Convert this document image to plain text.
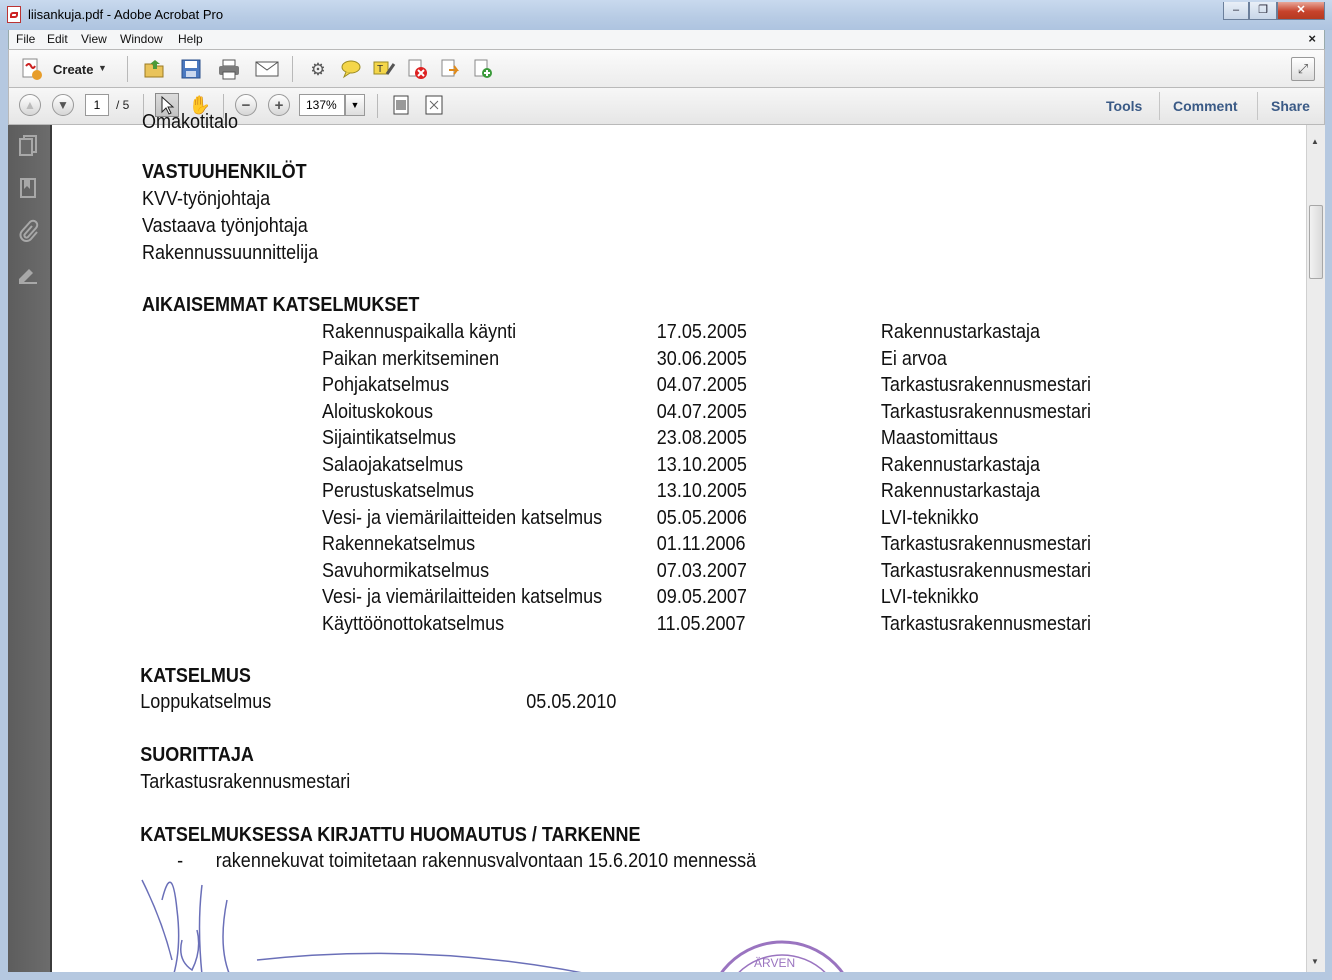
liisankuja.pdf - Adobe Acrobat Pro	–	❐	✕
File Edit View Window Help	×
Create ▼	⚙	T	⤢
▲	▼	1	/ 5	✋	−	+	137%	▼	Tools Comment Share
Omakotitalo
VASTUUHENKILÖT
KVV-työnjohtaja
Vastaava työnjohtaja
Rakennussuunnittelija
AIKAISEMMAT KATSELMUKSET
Rakennuspaikalla käynti	17.05.2005	Rakennustarkastaja
Paikan merkitseminen	30.06.2005	Ei arvoa
Pohjakatselmus	04.07.2005	Tarkastusrakennusmestari
Aloituskokous	04.07.2005	Tarkastusrakennusmestari
Sijaintikatselmus	23.08.2005	Maastomittaus
Salaojakatselmus	13.10.2005	Rakennustarkastaja
Perustuskatselmus	13.10.2005	Rakennustarkastaja
Vesi- ja viemärilaitteiden katselmus	05.05.2006	LVI-teknikko
Rakennekatselmus	01.11.2006	Tarkastusrakennusmestari
Savuhormikatselmus	07.03.2007	Tarkastusrakennusmestari
Vesi- ja viemärilaitteiden katselmus	09.05.2007	LVI-teknikko
Käyttöönottokatselmus	11.05.2007	Tarkastusrakennusmestari
KATSELMUS
Loppukatselmus	05.05.2010
SUORITTAJA
Tarkastusrakennusmestari
KATSELMUKSESSA KIRJATTU HUOMAUTUS / TARKENNE
- rakennekuvat toimitetaan rakennusvalvontaan 15.6.2010 mennessä
ÄRVEN
▲
▼
